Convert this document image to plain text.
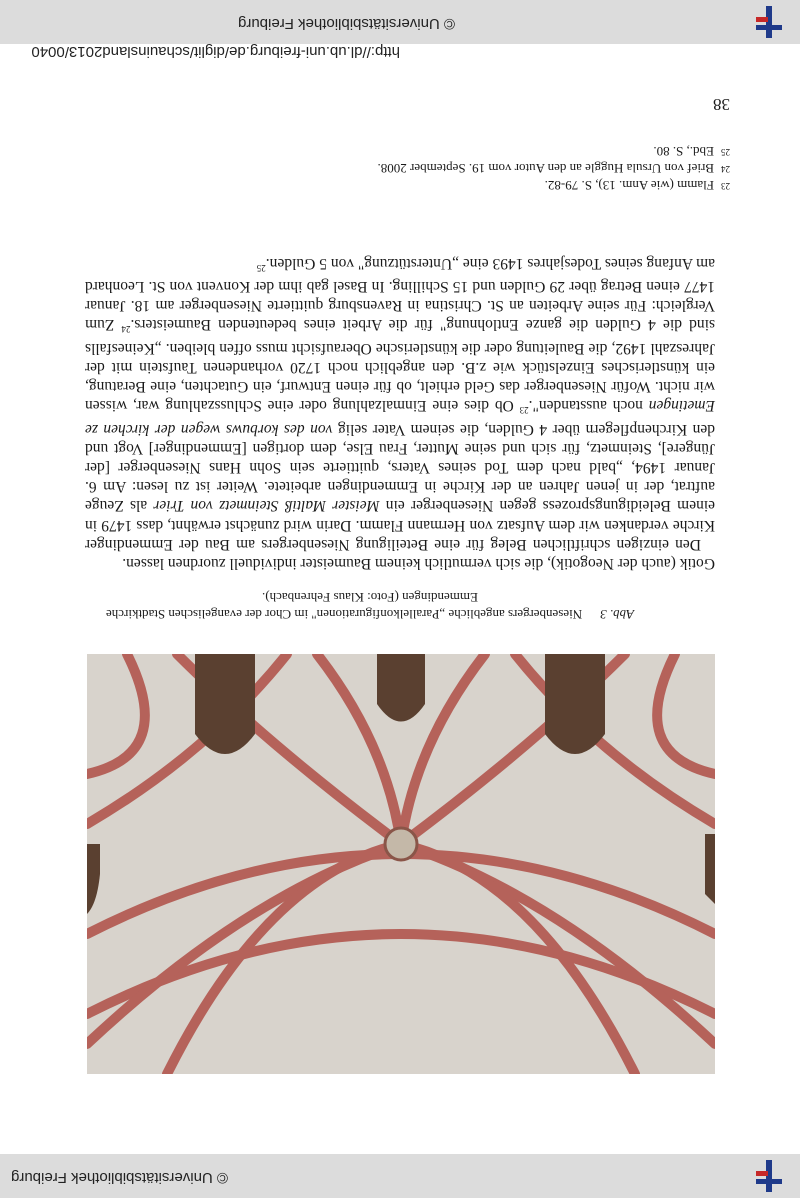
© Universitätsbibliothek Freiburg
© Universitätsbibliothek Freiburg
http://dl.ub.uni-freiburg.de/diglit/schauinsland2013/0040
Abb. 3Niesenbergers angebliche „Parallelkonfigurationen" im Chor der evangelischen Stadtkirche Emmendingen (Foto: Klaus Fehrenbach).

Gotik (auch der Neogotik), die sich vermutlich keinem Baumeister individuell zuordnen lassen.

Den einzigen schriftlichen Beleg für eine Beteiligung Niesenbergers am Bau der Emmendinger Kirche verdanken wir dem Aufsatz von Hermann Flamm. Darin wird zunächst erwähnt, dass 1479 in einem Beleidigungsprozess gegen Niesenberger ein Meister Maltiß Steinmetz von Trier als Zeuge auftrat, der in jenen Jahren an der Kirche in Emmendingen arbeitete. Weiter ist zu lesen: Am 6. Januar 1494, „bald nach dem Tod seines Vaters, quittierte sein Sohn Hans Niesenberger [der Jüngere], Steinmetz, für sich und seine Mutter, Frau Else, dem dortigen [Emmendinger] Vogt und den Kirchenpflegern über 4 Gulden, die seinem Vater selig von des korbuws wegen der kirchen ze Emetingen noch ausstanden".$^{23}$ Ob dies eine Einmalzahlung oder eine Schlusszahlung war, wissen wir nicht. Wofür Niesenberger das Geld erhielt, ob für einen Entwurf, ein Gutachten, eine Beratung, ein künstlerisches Einzelstück wie z.B. den angeblich noch 1720 vorhandenen Taufstein mit der Jahreszahl 1492, die Bauleitung oder die künstlerische Oberaufsicht muss offen bleiben. „Keinesfalls sind die 4 Gulden die ganze Entlohnung" für die Arbeit eines bedeutenden Baumeisters.$^{24}$ Zum Vergleich: Für seine Arbeiten an St. Christina in Ravensburg quittierte Niesenberger am 18. Januar 1477 einen Betrag über 29 Gulden und 15 Schilling. In Basel gab ihm der Konvent von St. Leonhard am Anfang seines Todesjahres 1493 eine „Unterstützung" von 5 Gulden.$^{25}$

23
Flamm (wie Anm. 13), S. 79-82.
24
Brief von Ursula Huggle an den Autor vom 19. September 2008.
25
Ebd., S. 80.
38
